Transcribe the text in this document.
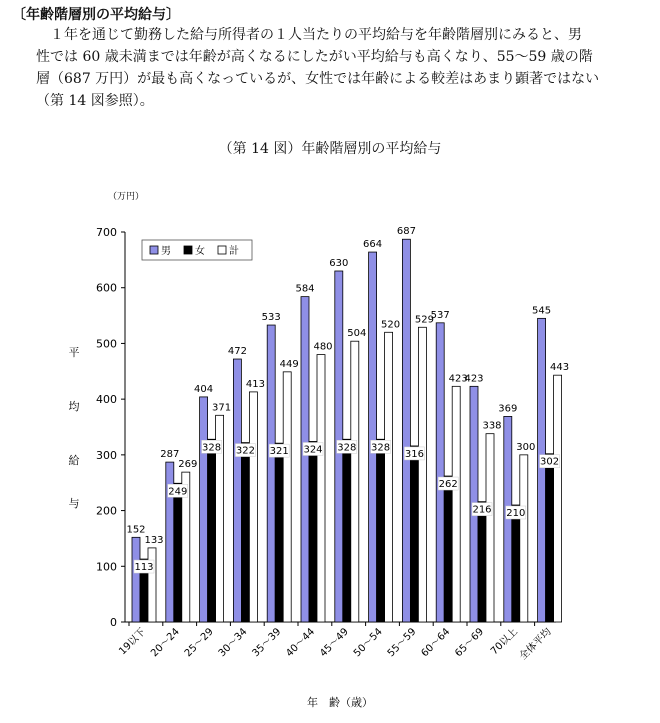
〔年齢階層別の平均給与〕

１年を通じて勤務した給与所得者の１人当たりの平均給与を年齢階層別にみると、男
性では 60 歳未満までは年齢が高くなるにしたがい平均給与も高くなり、55～59 歳の階
層（687 万円）が最も高くなっているが、女性では年齢による較差はあまり顕著ではない
（第 14 図参照）。

（第 14 図）年齢階層別の平均給与
（万円）
平
均
給
与
0
100
200
300
400
500
600
700
152
133
113
19以下
287
269
249
20～24
404
371
328
25～29
472
413
322
30～34
533
449
321
35～39
584
480
324
40～44
630
504
328
45～49
664
520
328
50～54
687
529
316
55～59
537
423
262
60～64
423
338
216
65～69
369
300
210
70以上
545
443
302
全体平均
男 女 計
年　齢（歳）
